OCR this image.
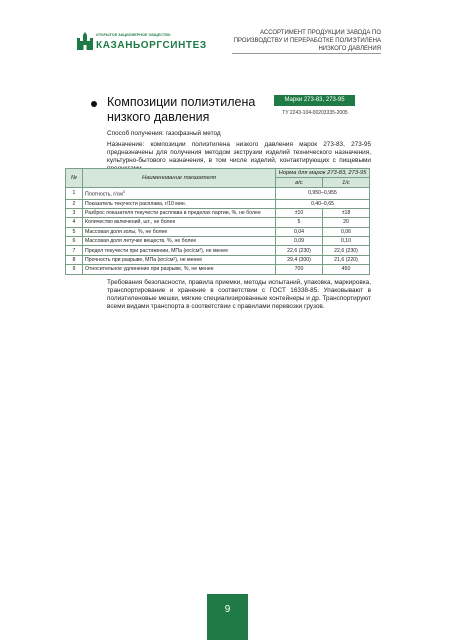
ОТКРЫТОЕ АКЦИОНЕРНОЕ ОБЩЕСТВО
КАЗАНЬОРГСИНТЕЗ
АССОРТИМЕНТ ПРОДУКЦИИ ЗАВОДА ПО
ПРОИЗВОДСТВУ И ПЕРЕРАБОТКЕ ПОЛИЭТИЛЕНА
НИЗКОГО ДАВЛЕНИЯ
Композиции полиэтилена
низкого давления
Марки 273-83, 273-95
ТУ 2243-104-00203335-2005
Способ получения: газофазный метод
Назначение: композиции полиэтилена низкого давления марок 273-83, 273-95 предназначены для получения методом экструзии изделий технического назначения, культурно-бытового назначения, в том числе изделий, контактирующих с пищевыми
№	Наименование показателя	Норма для марок 273-83, 273-95	
		в/с	1/с
1	Плотность, $г/см^3$	0,950–0,955	
2	Показатель текучести расплава, г/10 мин.	0,40–0,65	
3	Разброс показателя текучести расплава в пределах партии, %, не более	±10	±18
4	Количество включений, шт., не более	5	20
5	Массовая доля золы, %, не более	0,04	0,06
6	Массовая доля летучих веществ, %, не более	0,09	0,10
7	Предел текучести при растяжении, МПа (кгс/см²), не менее	22,6 (230)	22,6 (230)
8	Прочность при разрыве, МПа (кгс/см²), не менее	29,4 (300)	21,6 (220)
9	Относительное удлинение при разрыве, %, не менее	700	450
Требования безопасности, правила приемки, методы испытаний, упаковка, маркировка, транспортирование и хранение в соответствии с ГОСТ 16338-85. Упаковывают в полиэтиленовые мешки, мягкие специализированные контейнеры и др. Транспортируют всеми видами транспорта в соответствии с правилами перевозки грузов.
9
